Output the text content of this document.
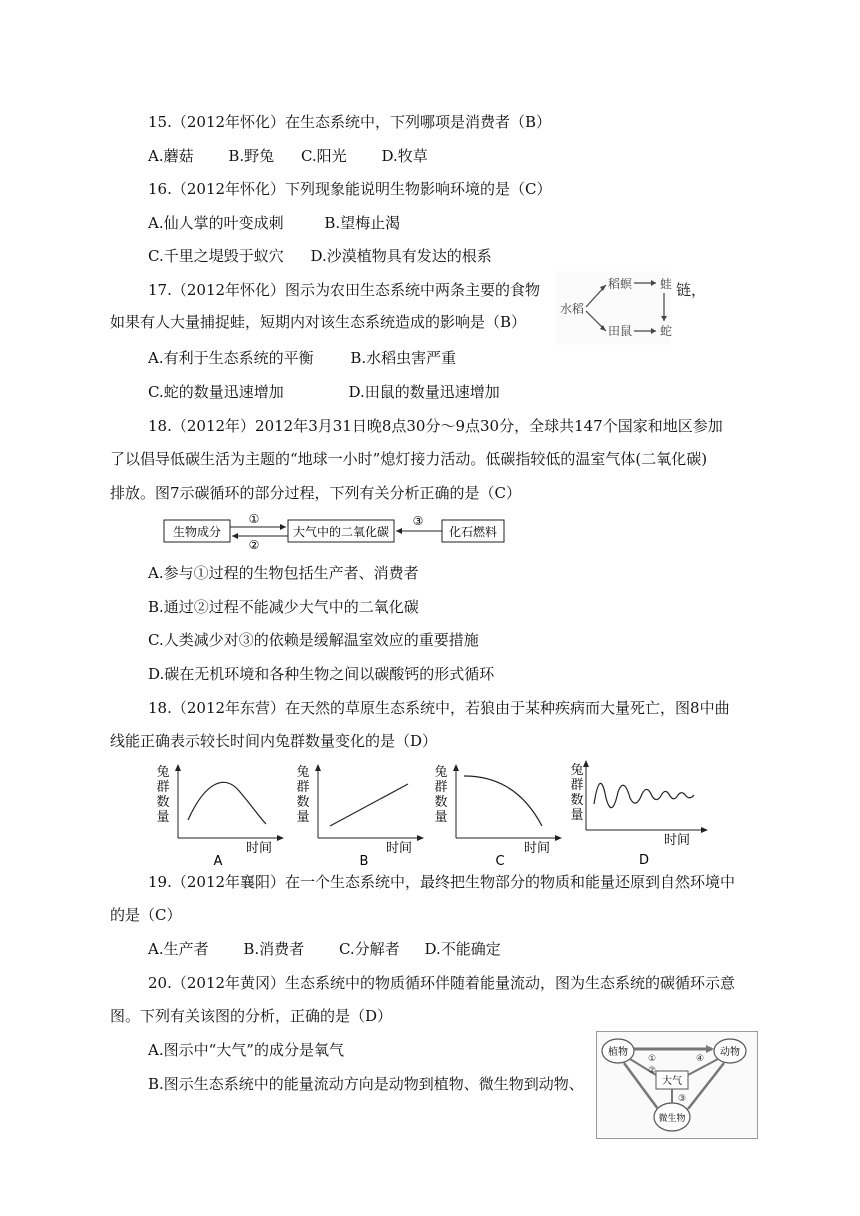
15.（2012年怀化）在生态系统中，下列哪项是消费者（B）
A.蘑菇 B.野兔 C.阳光 D.牧草
16.（2012年怀化）下列现象能说明生物影响环境的是（C）
A.仙人掌的叶变成刺	B.望梅止渴
C.千里之堤毁于蚁穴 D.沙漠植物具有发达的根系
17.（2012年怀化）图示为农田生态系统中两条主要的食物	链，
如果有人大量捕捉蛙，短期内对该生态系统造成的影响是（B）
水稻
稻螟 蛙
田鼠 蛇
A.有利于生态系统的平衡 B.水稻虫害严重
C.蛇的数量迅速增加	D.田鼠的数量迅速增加
18.（2012年）2012年3月31日晚8点30分～9点30分，全球共147个国家和地区参加
了以倡导低碳生活为主题的“地球一小时”熄灯接力活动。低碳指较低的温室气体(二氧化碳)
排放。图7示碳循环的部分过程，下列有关分析正确的是（C）
生物成分	大气中的二氧化碳	化石燃料
①
②
③
A.参与①过程的生物包括生产者、消费者
B.通过②过程不能减少大气中的二氧化碳
C.人类减少对③的依赖是缓解温室效应的重要措施
D.碳在无机环境和各种生物之间以碳酸钙的形式循环
18.（2012年东营）在天然的草原生态系统中，若狼由于某种疾病而大量死亡，图8中曲
线能正确表示较长时间内兔群数量变化的是（D）
兔
群
数
量
时间
A
兔
群
数
量
时间
B
兔
群
数
量
时间
C
兔
群
数
量
时间
D
19.（2012年襄阳）在一个生态系统中，最终把生物部分的物质和能量还原到自然环境中
的是（C）
A.生产者 B.消费者 C.分解者 D.不能确定
20.（2012年黄冈）生态系统中的物质循环伴随着能量流动，图为生态系统的碳循环示意
图。下列有关该图的分析，正确的是（D）
A.图示中“大气”的成分是氧气
B.图示生态系统中的能量流动方向是动物到植物、微生物到动物、
植物	动物
大气
微生物
①
②
③
④
